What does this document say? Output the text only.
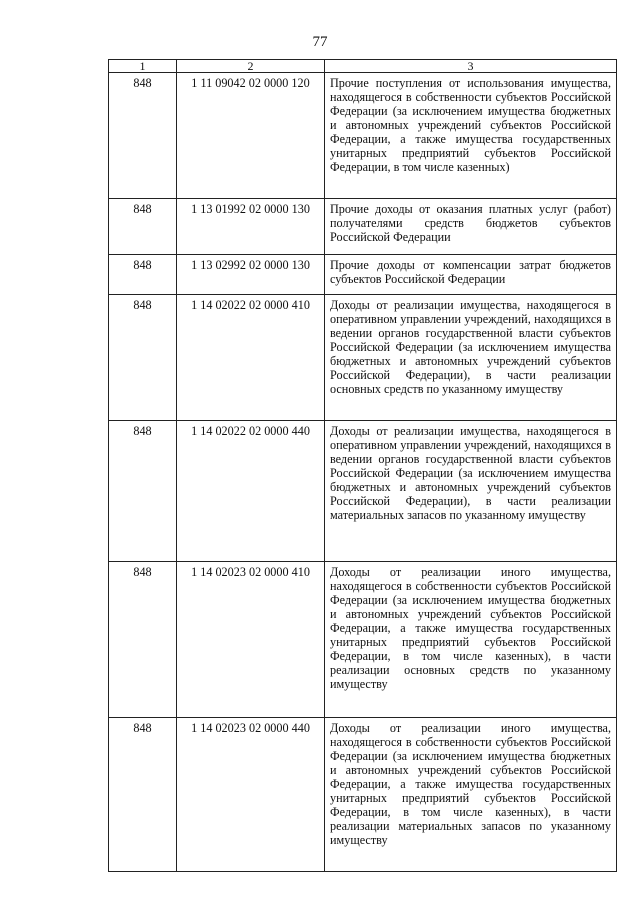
77
1	2	3
848	1 11 09042 02 0000 120	Прочие поступления от использования имущества, находящегося в собственности субъектов Российской Федерации (за исключением имущества бюджетных и автономных учреждений субъектов Российской Федерации, а также имущества государственных унитарных предприятий субъектов Российской Федерации, в том числе казенных)
848	1 13 01992 02 0000 130	Прочие доходы от оказания платных услуг (работ) получателями средств бюджетов субъектов Российской Федерации
848	1 13 02992 02 0000 130	Прочие доходы от компенсации затрат бюджетов субъектов Российской Федерации
848	1 14 02022 02 0000 410	Доходы от реализации имущества, находящегося в оперативном управлении учреждений, находящихся в ведении органов государственной власти субъектов Российской Федерации (за исключением имущества бюджетных и автономных учреждений субъектов Российской Федерации), в части реализации основных средств по указанному имуществу
848	1 14 02022 02 0000 440	Доходы от реализации имущества, находящегося в оперативном управлении учреждений, находящихся в ведении органов государственной власти субъектов Российской Федерации (за исключением имущества бюджетных и автономных учреждений субъектов Российской Федерации), в части реализации материальных запасов по указанному имуществу
848	1 14 02023 02 0000 410	Доходы от реализации иного имущества, находящегося в собственности субъектов Российской Федерации (за исключением имущества бюджетных и автономных учреждений субъектов Российской Федерации, а также имущества государственных унитарных предприятий субъектов Российской Федерации, в том числе казенных), в части реализации основных средств по указанному имуществу
848	1 14 02023 02 0000 440	Доходы от реализации иного имущества, находящегося в собственности субъектов Российской Федерации (за исключением имущества бюджетных и автономных учреждений субъектов Российской Федерации, а также имущества государственных унитарных предприятий субъектов Российской Федерации, в том числе казенных), в части реализации материальных запасов по указанному имуществу
